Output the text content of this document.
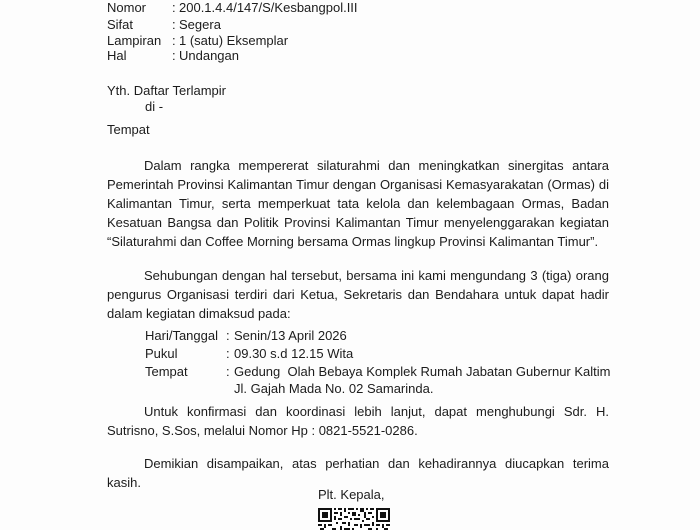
Nomor : 200.1.4.4/147/S/Kesbangpol.III
Sifat	: Segera
Lampiran : 1 (satu) Eksemplar
Hal	: Undangan
Yth. Daftar Terlampir
di -
Tempat
Dalam rangka mempererat silaturahmi dan meningkatkan sinergitas antara Pemerintah Provinsi Kalimantan Timur dengan Organisasi Kemasyarakatan (Ormas) di Kalimantan Timur, serta memperkuat tata kelola dan kelembagaan Ormas, Badan Kesatuan Bangsa dan Politik Provinsi Kalimantan Timur menyelenggarakan kegiatan “Silaturahmi dan Coffee Morning bersama Ormas lingkup Provinsi Kalimantan Timur”.
Sehubungan dengan hal tersebut, bersama ini kami mengundang 3 (tiga) orang pengurus Organisasi terdiri dari Ketua, Sekretaris dan Bendahara untuk dapat hadir dalam kegiatan dimaksud pada:
Hari/Tanggal : Senin/13 April 2026
Pukul	: 09.30 s.d 12.15 Wita
Tempat	: Gedung  Olah Bebaya Komplek Rumah Jabatan Gubernur Kaltim
Jl. Gajah Mada No. 02 Samarinda.
Untuk konfirmasi dan koordinasi lebih lanjut, dapat menghubungi Sdr. H. Sutrisno, S.Sos, melalui Nomor Hp : 0821-5521-0286.
Demikian disampaikan, atas perhatian dan kehadirannya diucapkan terima kasih.
Plt. Kepala,
